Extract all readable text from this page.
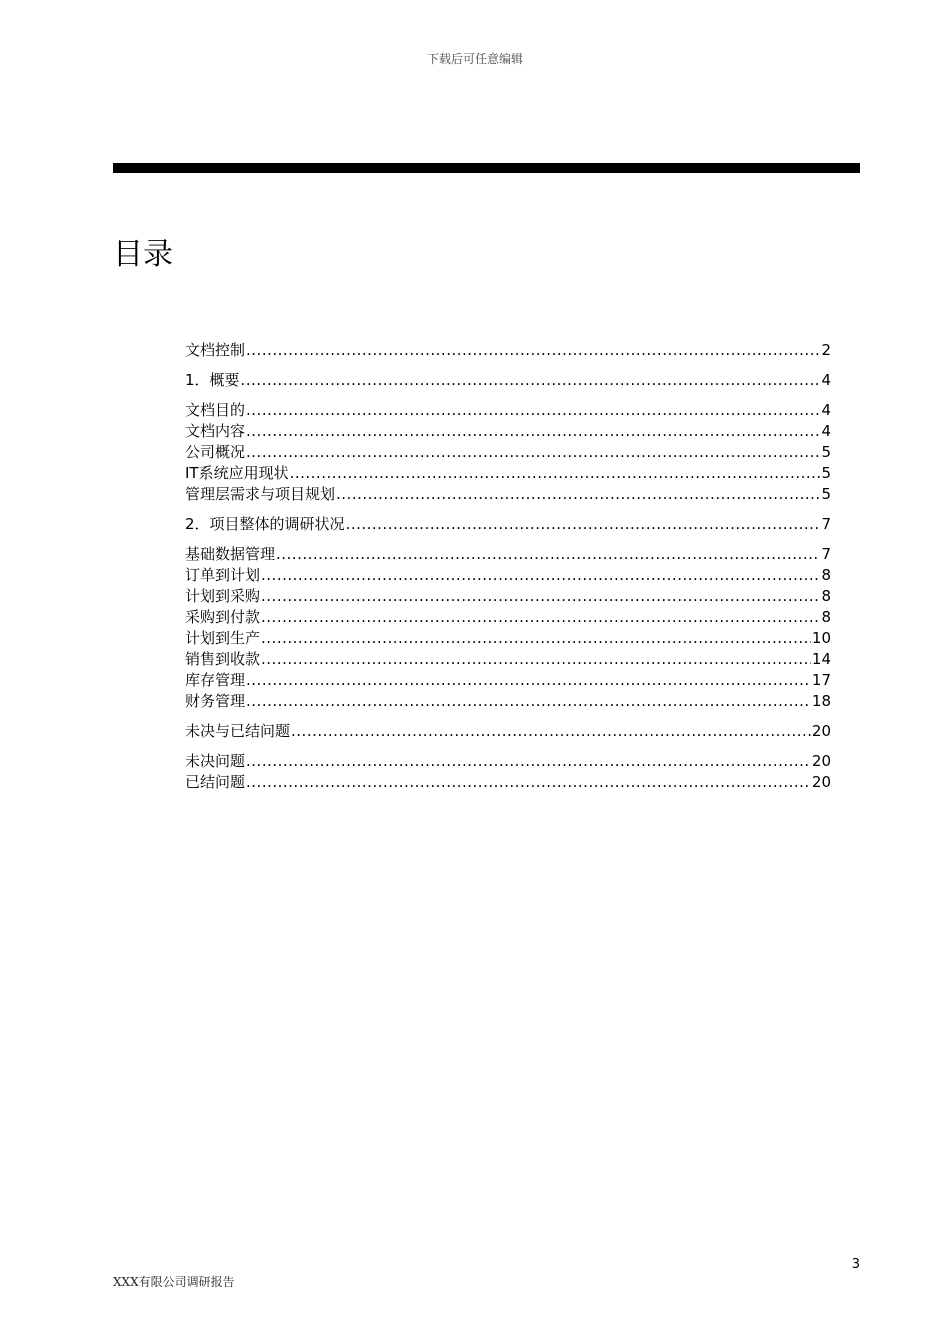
下载后可任意编辑
目录
文档控制 .....	2
1．概要 .....	4
文档目的 .....	4
文档内容 .....	4
公司概况 .....	5
IT系统应用现状 .....	5
管理层需求与项目规划 .....	5
2．项目整体的调研状况 .....	7
基础数据管理 .....	7
订单到计划 .....	8
计划到采购 .....	8
采购到付款 .....	8
计划到生产 .....	10
销售到收款 .....	14
库存管理 .....	17
财务管理 .....	18
未决与已结问题 .....	20
未决问题 .....	20
已结问题 .....	20
3
XXX有限公司调研报告
